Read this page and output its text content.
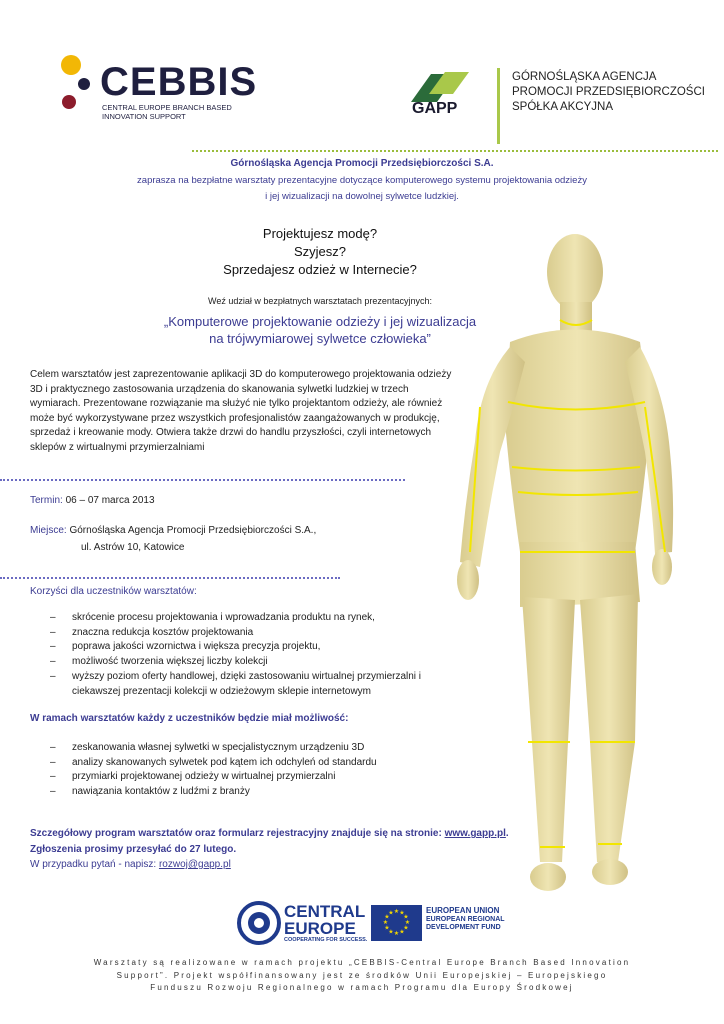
CEBBIS
CENTRAL EUROPE BRANCH BASED INNOVATION SUPPORT	GAPP
GÓRNOŚLĄSKA AGENCJA
PROMOCJI PRZEDSIĘBIORCZOŚCI
SPÓŁKA AKCYJNA
Górnośląska Agencja Promocji Przedsiębiorczości S.A.
zaprasza na bezpłatne warsztaty prezentacyjne dotyczące komputerowego systemu projektowania odzieży
i jej wizualizacji na dowolnej sylwetce ludzkiej.
Projektujesz modę?
Szyjesz?
Sprzedajesz odzież w Internecie?
Weź udział w bezpłatnych warsztatach prezentacyjnych:
„Komputerowe projektowanie odzieży i jej wizualizacja
na trójwymiarowej sylwetce człowieka”
Celem warsztatów jest zaprezentowanie aplikacji 3D do komputerowego projektowania odzieży 3D i praktycznego zastosowania urządzenia do skanowania sylwetki ludzkiej w trzech wymiarach. Prezentowane rozwiązanie ma służyć nie tylko projektantom odzieży, ale również może być wykorzystywane przez wszystkich profesjonalistów zaangażowanych w produkcję, sprzedaż i kreowanie mody. Otwiera także drzwi do handlu przyszłości, czyli internetowych sklepów z wirtualnymi przymierzalniami
Termin: 06 – 07 marca 2013
Miejsce: Górnośląska Agencja Promocji Przedsiębiorczości S.A.,
ul. Astrów 10, Katowice
Korzyści dla uczestników warsztatów:
– skrócenie procesu projektowania i wprowadzania produktu na rynek,
– znaczna redukcja kosztów projektowania
– poprawa jakości wzornictwa i większa precyzja projektu,
– możliwość tworzenia większej liczby kolekcji
– wyższy poziom oferty handlowej, dzięki zastosowaniu wirtualnej przymierzalni i ciekawszej prezentacji kolekcji w odzieżowym sklepie internetowym
W ramach warsztatów każdy z uczestników będzie miał możliwość:
– zeskanowania własnej sylwetki w specjalistycznym urządzeniu 3D
– analizy skanowanych sylwetek pod kątem ich odchyleń od standardu
– przymiarki projektowanej odzieży w wirtualnej przymierzalni
– nawiązania kontaktów z ludźmi z branży
Szczegółowy program warsztatów oraz formularz rejestracyjny znajduje się na stronie: www.gapp.pl.
Zgłoszenia prosimy przesyłać do 27 lutego.
W przypadku pytań - napisz: rozwoj@gapp.pl
CENTRAL
EUROPE
COOPERATING FOR SUCCESS.
★ ★
★
★
★
★
★
★
★
★
★
★	EUROPEAN UNION
EUROPEAN REGIONAL
DEVELOPMENT FUND
Warsztaty są realizowane w ramach projektu „CEBBIS-Central Europe Branch Based Innovation
Support”. Projekt współfinansowany jest ze środków Unii Europejskiej – Europejskiego
Funduszu Rozwoju Regionalnego w ramach Programu dla Europy Środkowej
